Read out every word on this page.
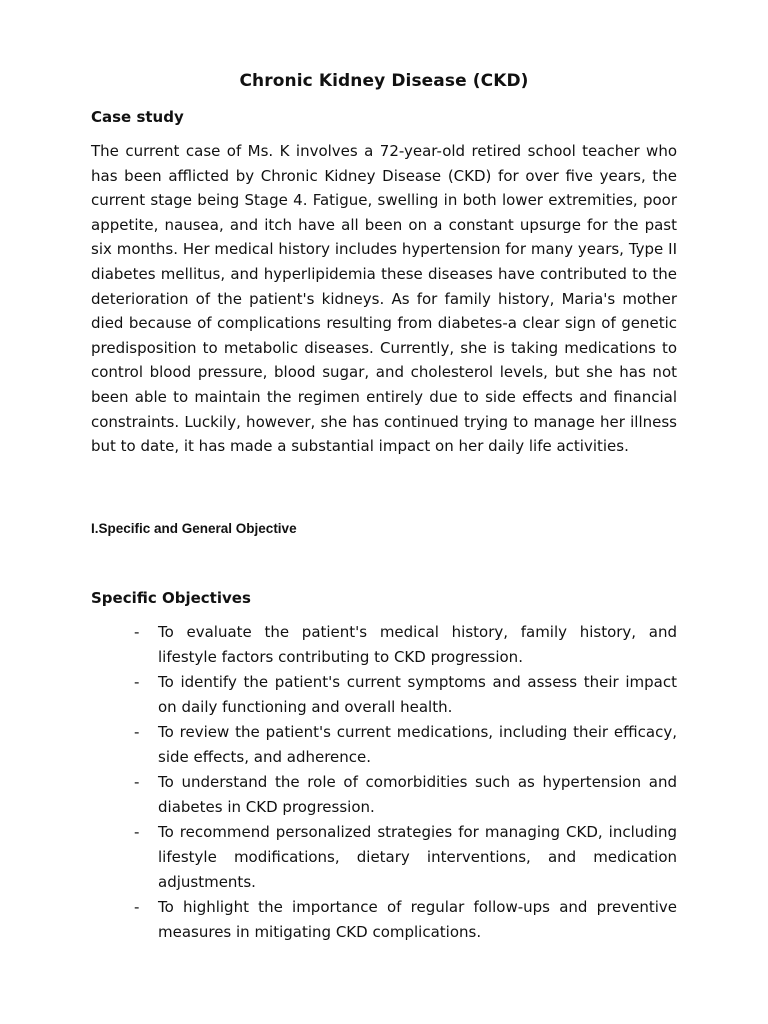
Chronic Kidney Disease (CKD)
Case study

The current case of Ms. K involves a 72-year-old retired school teacher who has been afflicted by Chronic Kidney Disease (CKD) for over five years, the current stage being Stage 4. Fatigue, swelling in both lower extremities, poor appetite, nausea, and itch have all been on a constant upsurge for the past six months. Her medical history includes hypertension for many years, Type II diabetes mellitus, and hyperlipidemia these diseases have contributed to the deterioration of the patient's kidneys. As for family history, Maria's mother died because of complications resulting from diabetes-a clear sign of genetic predisposition to metabolic diseases. Currently, she is taking medications to control blood pressure, blood sugar, and cholesterol levels, but she has not been able to maintain the regimen entirely due to side effects and financial constraints. Luckily, however, she has continued trying to manage her illness but to date, it has made a substantial impact on her daily life activities.

I.Specific and General Objective
Specific Objectives
- To evaluate the patient's medical history, family history, and lifestyle factors contributing to CKD progression.
- To identify the patient's current symptoms and assess their impact on daily functioning and overall health.
- To review the patient's current medications, including their efficacy, side effects, and adherence.
- To understand the role of comorbidities such as hypertension and diabetes in CKD progression.
- To recommend personalized strategies for managing CKD, including lifestyle modifications, dietary interventions, and medication adjustments.
- To highlight the importance of regular follow-ups and preventive measures in mitigating CKD complications.
